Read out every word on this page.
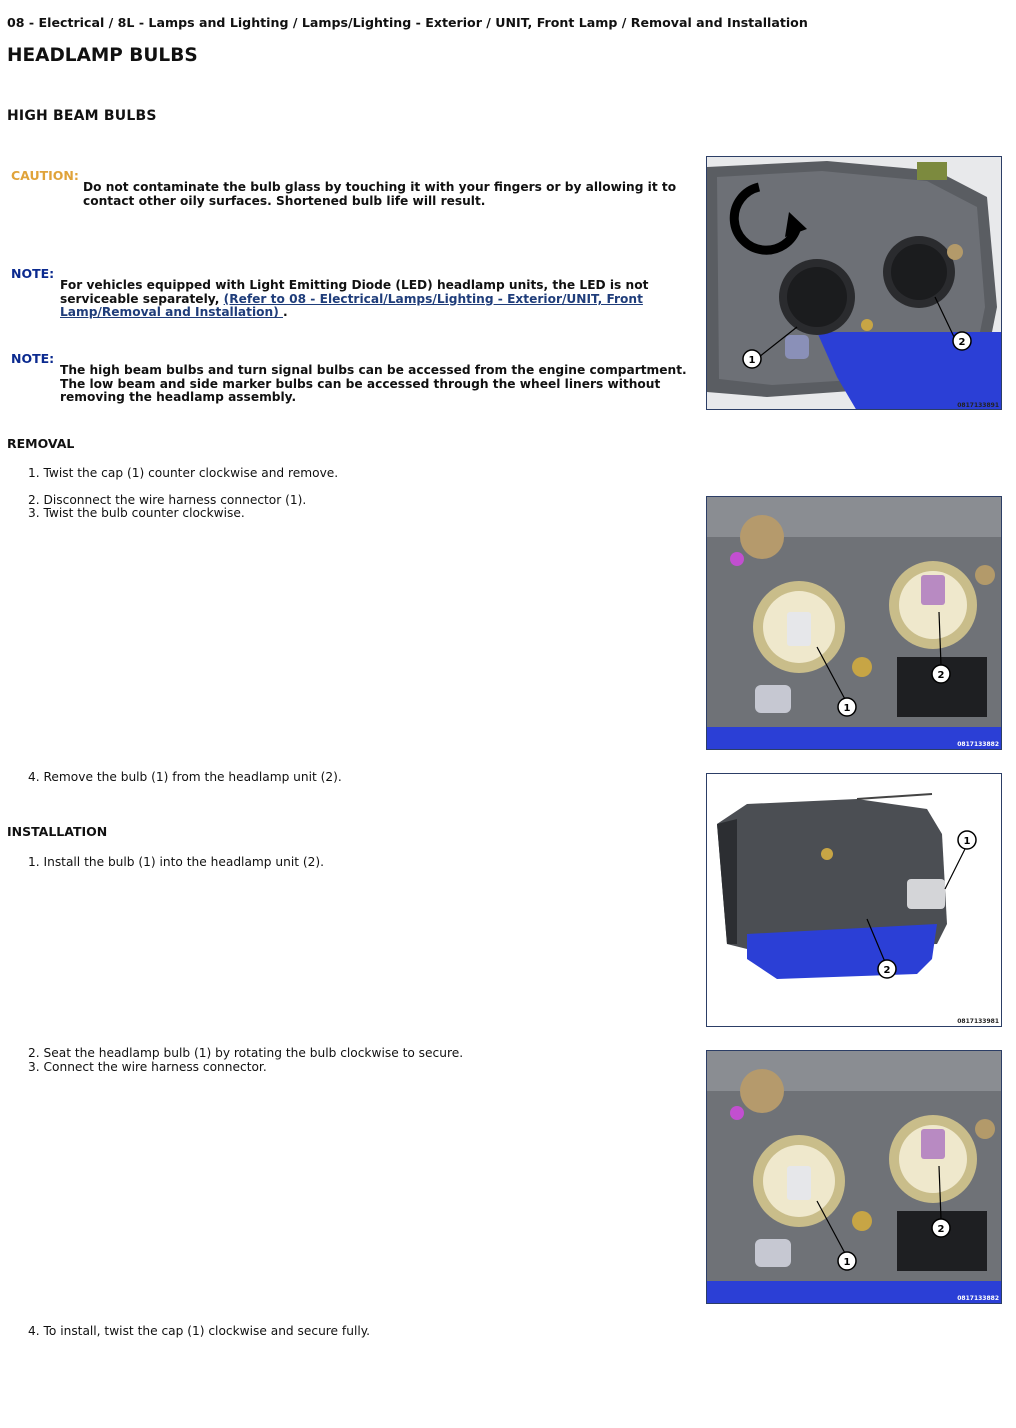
08 - Electrical / 8L - Lamps and Lighting / Lamps/Lighting - Exterior / UNIT, Front Lamp / Removal and Installation
HEADLAMP BULBS
HIGH BEAM BULBS
CAUTION:
Do not contaminate the bulb glass by touching it with your fingers or by allowing it to
contact other oily surfaces. Shortened bulb life will result.
NOTE:
For vehicles equipped with Light Emitting Diode (LED) headlamp units, the LED is not
serviceable separately, (Refer to 08 - Electrical/Lamps/Lighting - Exterior/UNIT, Front
Lamp/Removal and Installation) .
NOTE:
The high beam bulbs and turn signal bulbs can be accessed from the engine compartment.
The low beam and side marker bulbs can be accessed through the wheel liners without
removing the headlamp assembly.
REMOVAL
1. Twist the cap (1) counter clockwise and remove.
2. Disconnect the wire harness connector (1).
3. Twist the bulb counter clockwise.
4. Remove the bulb (1) from the headlamp unit (2).
INSTALLATION
1. Install the bulb (1) into the headlamp unit (2).
2. Seat the headlamp bulb (1) by rotating the bulb clockwise to secure.
3. Connect the wire harness connector.
4. To install, twist the cap (1) clockwise and secure fully.
1
2
0817133891
1
2
0817133882
1
2
0817133981
1
2
0817133882
